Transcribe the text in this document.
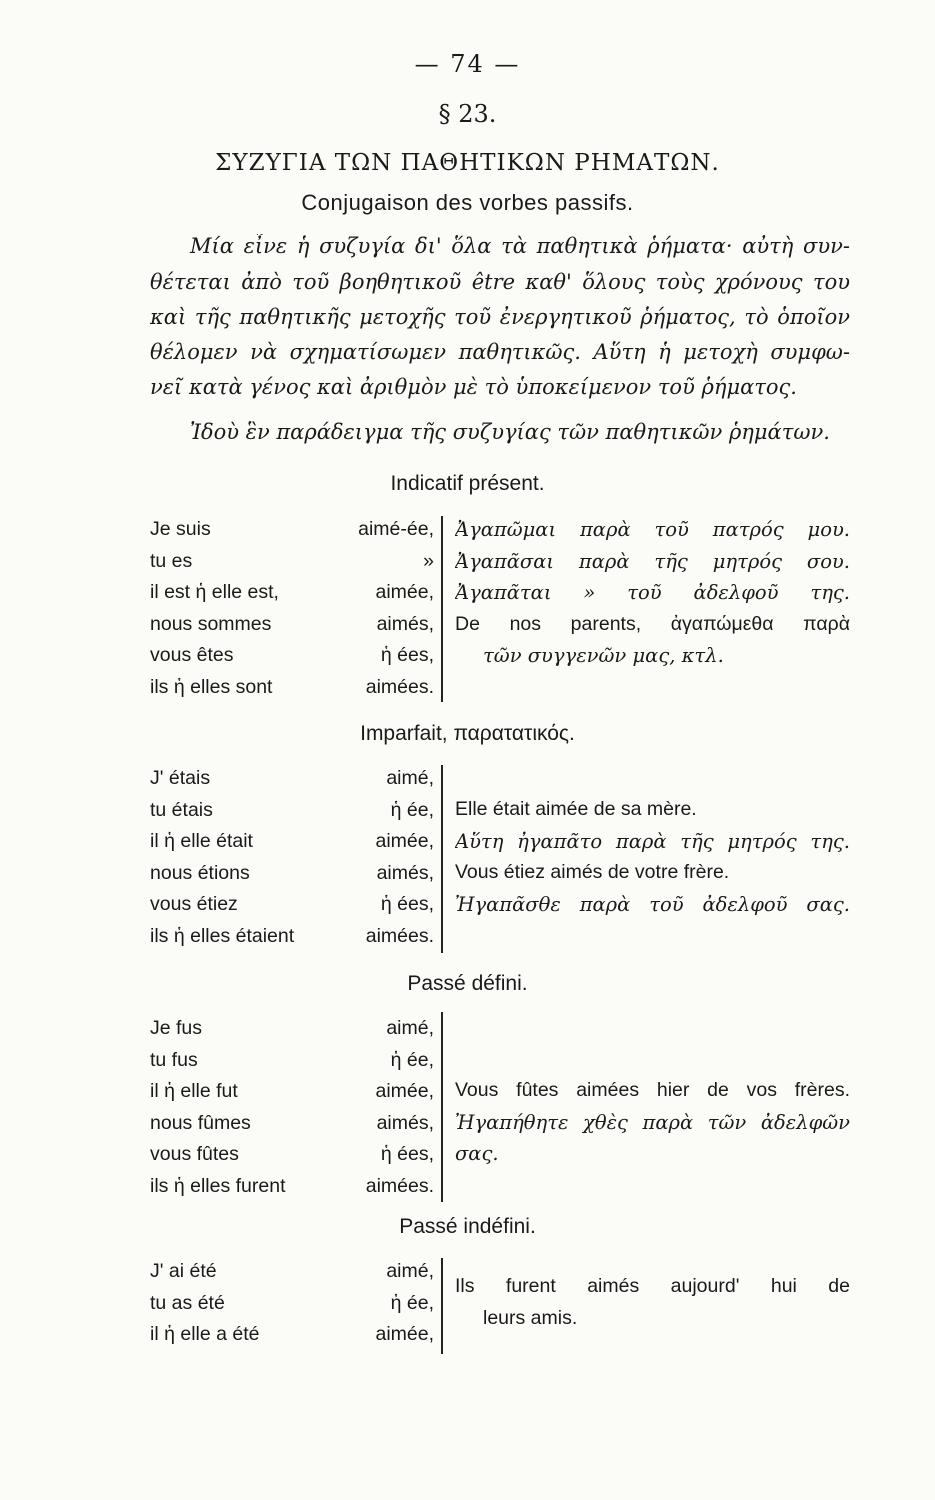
— 74 —
§ 23.
ΣΥΖΥΓΙΑ ΤΩΝ ΠΑΘΗΤΙΚΩΝ ΡΗΜΑΤΩΝ.
Conjugaison des vorbes passifs.
Μία εἶνε ἡ συζυγία δι' ὅλα τὰ παθητικὰ ῥήματα· αὐτὴ συν-
θέτεται ἀπὸ τοῦ βοηθητικοῦ être καθ' ὅλους τοὺς χρόνους του
καὶ τῆς παθητικῆς μετοχῆς τοῦ ἐνεργητικοῦ ῥήματος, τὸ ὁποῖον
θέλομεν νὰ σχηματίσωμεν παθητικῶς. Αὕτη ἡ μετοχὴ συμφω-
νεῖ κατὰ γένος καὶ ἀριθμὸν μὲ τὸ ὑποκείμενον τοῦ ῥήματος.
Ἰδοὺ ἓν παράδειγμα τῆς συζυγίας τῶν παθητικῶν ῥημάτων.
Indicatif présent.
Je suis	aimé-ée,
tu es	»
il est ἡ elle est,	aimée,
nous sommes	aimés,
vous êtes	ἡ ées,
ils ἡ elles sont	aimées.
Ἀγαπῶμαι παρὰ τοῦ πατρός μου.
Ἀγαπᾶσαι παρὰ τῆς μητρός σου.
Ἀγαπᾶται » τοῦ ἀδελφοῦ της.
De nos parents, ἀγαπώμεθα παρὰ
τῶν συγγενῶν μας, κτλ.
Imparfait, παρατατικός.
J' étais	aimé,
tu étais	ἡ ée,
il ἡ elle était	aimée,
nous étions	aimés,
vous étiez	ἡ ées,
ils ἡ elles étaient	aimées.
Elle était aimée de sa mère.
Αὕτη ἠγαπᾶτο παρὰ τῆς μητρός της.
Vous étiez aimés de votre frère.
Ἠγαπᾶσθε παρὰ τοῦ ἀδελφοῦ σας.
Passé défini.
Je fus	aimé,
tu fus	ἡ ée,
il ἡ elle fut	aimée,
nous fûmes	aimés,
vous fûtes	ἡ ées,
ils ἡ elles furent	aimées.
Vous fûtes aimées hier de vos frères.
Ἠγαπήθητε χθὲς παρὰ τῶν ἀδελφῶν
σας.
Passé indéfini.
J' ai été	aimé,
tu as été	ἡ ée,
il ἡ elle a été	aimée,
Ils furent aimés aujourd' hui de
leurs amis.
